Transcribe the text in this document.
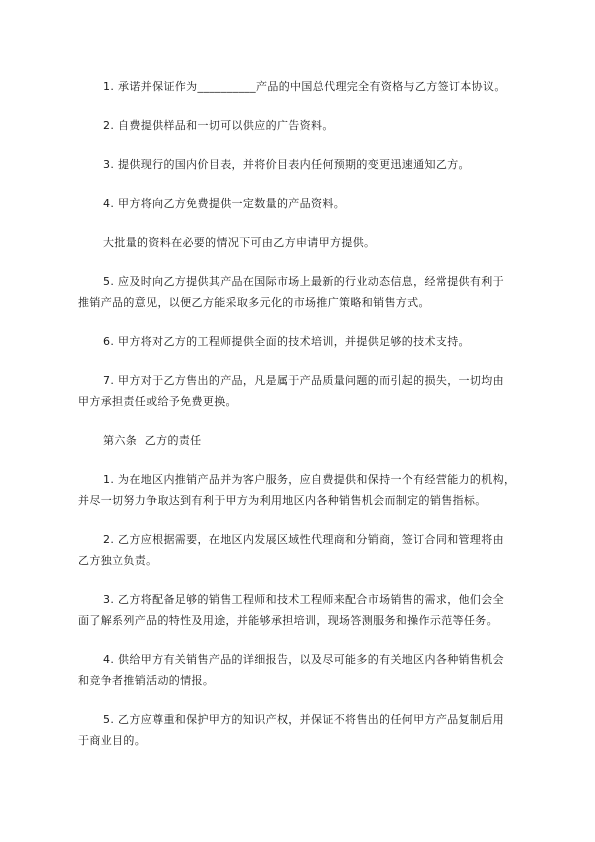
1. 承诺并保证作为__________产品的中国总代理完全有资格与乙方签订本协议。

2. 自费提供样品和一切可以供应的广告资料。

3. 提供现行的国内价目表，并将价目表内任何预期的变更迅速通知乙方。

4. 甲方将向乙方免费提供一定数量的产品资料。

大批量的资料在必要的情况下可由乙方申请甲方提供。

5. 应及时向乙方提供其产品在国际市场上最新的行业动态信息，经常提供有利于
推销产品的意见，以便乙方能采取多元化的市场推广策略和销售方式。

6. 甲方将对乙方的工程师提供全面的技术培训，并提供足够的技术支持。

7. 甲方对于乙方售出的产品，凡是属于产品质量问题的而引起的损失，一切均由
甲方承担责任或给予免费更换。

第六条  乙方的责任

1. 为在地区内推销产品并为客户服务，应自费提供和保持一个有经营能力的机构，
并尽一切努力争取达到有利于甲方为利用地区内各种销售机会而制定的销售指标。

2. 乙方应根据需要，在地区内发展区域性代理商和分销商，签订合同和管理将由
乙方独立负责。

3. 乙方将配备足够的销售工程师和技术工程师来配合市场销售的需求，他们会全
面了解系列产品的特性及用途，并能够承担培训，现场答测服务和操作示范等任务。

4. 供给甲方有关销售产品的详细报告，以及尽可能多的有关地区内各种销售机会
和竞争者推销活动的情报。

5. 乙方应尊重和保护甲方的知识产权，并保证不将售出的任何甲方产品复制后用
于商业目的。
